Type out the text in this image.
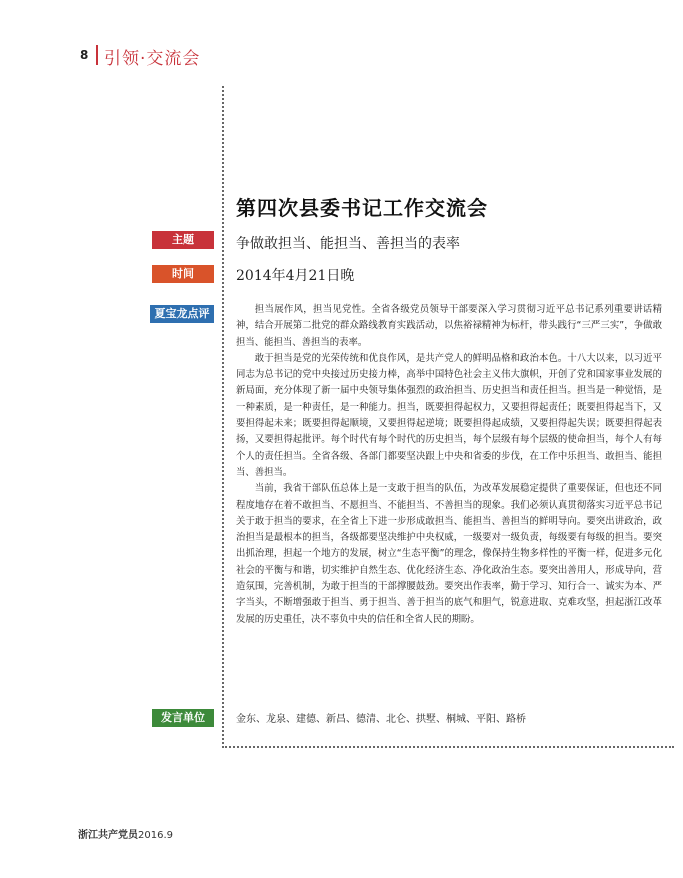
8 引领·交流会
第四次县委书记工作交流会
主题	争做敢担当、能担当、善担当的表率
时间	2014年4月21日晚
夏宝龙点评	担当展作风，担当见党性。全省各级党员领导干部要深入学习贯彻习近平总书记系列重要讲话精神，结合开展第二批党的群众路线教育实践活动，以焦裕禄精神为标杆，带头践行“三严三实”，争做敢担当、能担当、善担当的表率。

敢于担当是党的光荣传统和优良作风，是共产党人的鲜明品格和政治本色。十八大以来，以习近平同志为总书记的党中央接过历史接力棒，高举中国特色社会主义伟大旗帜，开创了党和国家事业发展的新局面，充分体现了新一届中央领导集体强烈的政治担当、历史担当和责任担当。担当是一种觉悟，是一种素质，是一种责任，是一种能力。担当，既要担得起权力，又要担得起责任；既要担得起当下，又要担得起未来；既要担得起顺境，又要担得起逆境；既要担得起成绩，又要担得起失误；既要担得起表扬，又要担得起批评。每个时代有每个时代的历史担当，每个层级有每个层级的使命担当，每个人有每个人的责任担当。全省各级、各部门都要坚决跟上中央和省委的步伐，在工作中乐担当、敢担当、能担当、善担当。

当前，我省干部队伍总体上是一支敢于担当的队伍，为改革发展稳定提供了重要保证，但也还不同程度地存在着不敢担当、不愿担当、不能担当、不善担当的现象。我们必须认真贯彻落实习近平总书记关于敢于担当的要求，在全省上下进一步形成敢担当、能担当、善担当的鲜明导向。要突出讲政治，政治担当是最根本的担当，各级都要坚决维护中央权威，一级要对一级负责，每级要有每级的担当。要突出抓治理，担起一个地方的发展，树立“生态平衡”的理念，像保持生物多样性的平衡一样，促进多元化社会的平衡与和谐，切实维护自然生态、优化经济生态、净化政治生态。要突出善用人，形成导向，营造氛围，完善机制，为敢于担当的干部撑腰鼓劲。要突出作表率，勤于学习、知行合一、诚实为本、严字当头，不断增强敢于担当、勇于担当、善于担当的底气和胆气，锐意进取、克难攻坚，担起浙江改革发展的历史重任，决不辜负中央的信任和全省人民的期盼。

发言单位	金东、龙泉、建德、新昌、德清、北仑、拱墅、桐城、平阳、路桥
浙江共产党员2016.9
